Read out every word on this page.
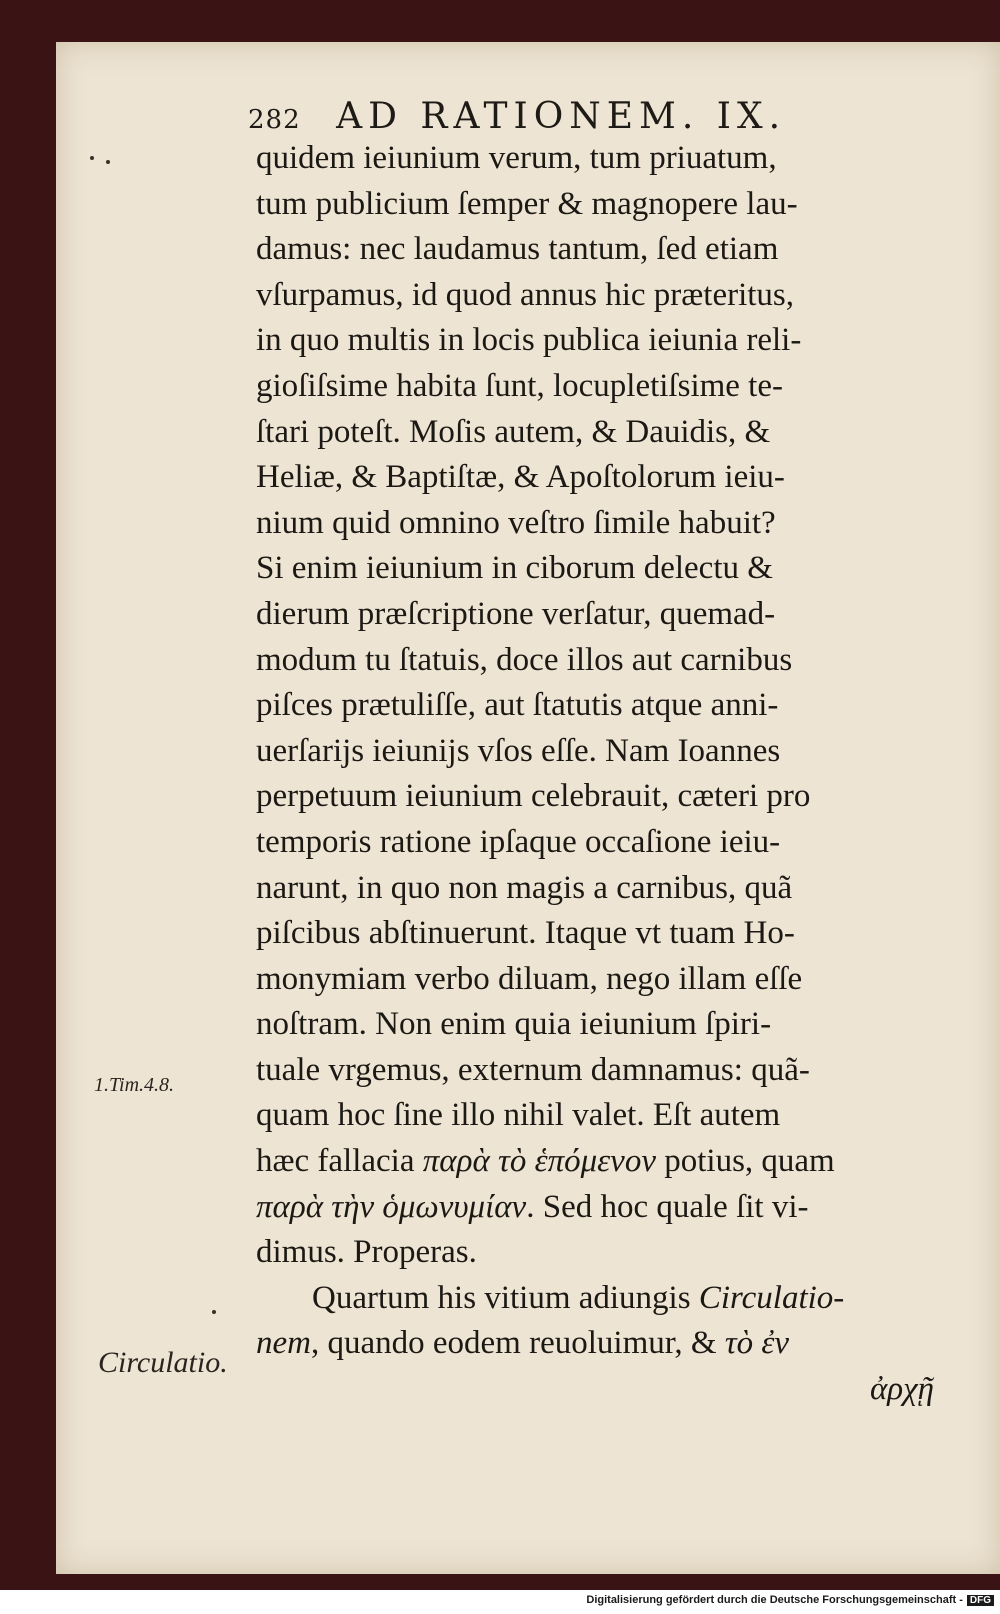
282 AD RATIONEM. IX.
quidem ieiunium verum, tum priuatum,
tum publicium ſemper & magnopere lau-
damus: nec laudamus tantum, ſed etiam
vſurpamus, id quod annus hic præteritus,
in quo multis in locis publica ieiunia reli-
gioſiſsime habita ſunt, locupletiſsime te-
ſtari poteſt. Moſis autem, & Dauidis, &
Heliæ, & Baptiſtæ, & Apoſtolorum ieiu-
nium quid omnino veſtro ſimile habuit?
Si enim ieiunium in ciborum delectu &
dierum præſcriptione verſatur, quemad-
modum tu ſtatuis, doce illos aut carnibus
piſces prætuliſſe, aut ſtatutis atque anni-
uerſarijs ieiunijs vſos eſſe. Nam Ioannes
perpetuum ieiunium celebrauit, cæteri pro
temporis ratione ipſaque occaſione ieiu-
narunt, in quo non magis a carnibus, quã
piſcibus abſtinuerunt. Itaque vt tuam Ho-
monymiam verbo diluam, nego illam eſſe
noſtram. Non enim quia ieiunium ſpiri-
tuale vrgemus, externum damnamus: quã-
quam hoc ſine illo nihil valet. Eſt autem
hæc fallacia παρὰ τὸ ἑπόμενον potius, quam
παρὰ τὴν ὁμωνυμίαν. Sed hoc quale ſit vi-
dimus. Properas.
Quartum his vitium adiungis Circulatio-
nem, quando eodem reuoluimur, & τὸ ἐν
ἀρχῇ
1.Tim.4.8.
Circulatio.
Digitalisierung gefördert durch die Deutsche Forschungsgemeinschaft - DFG
